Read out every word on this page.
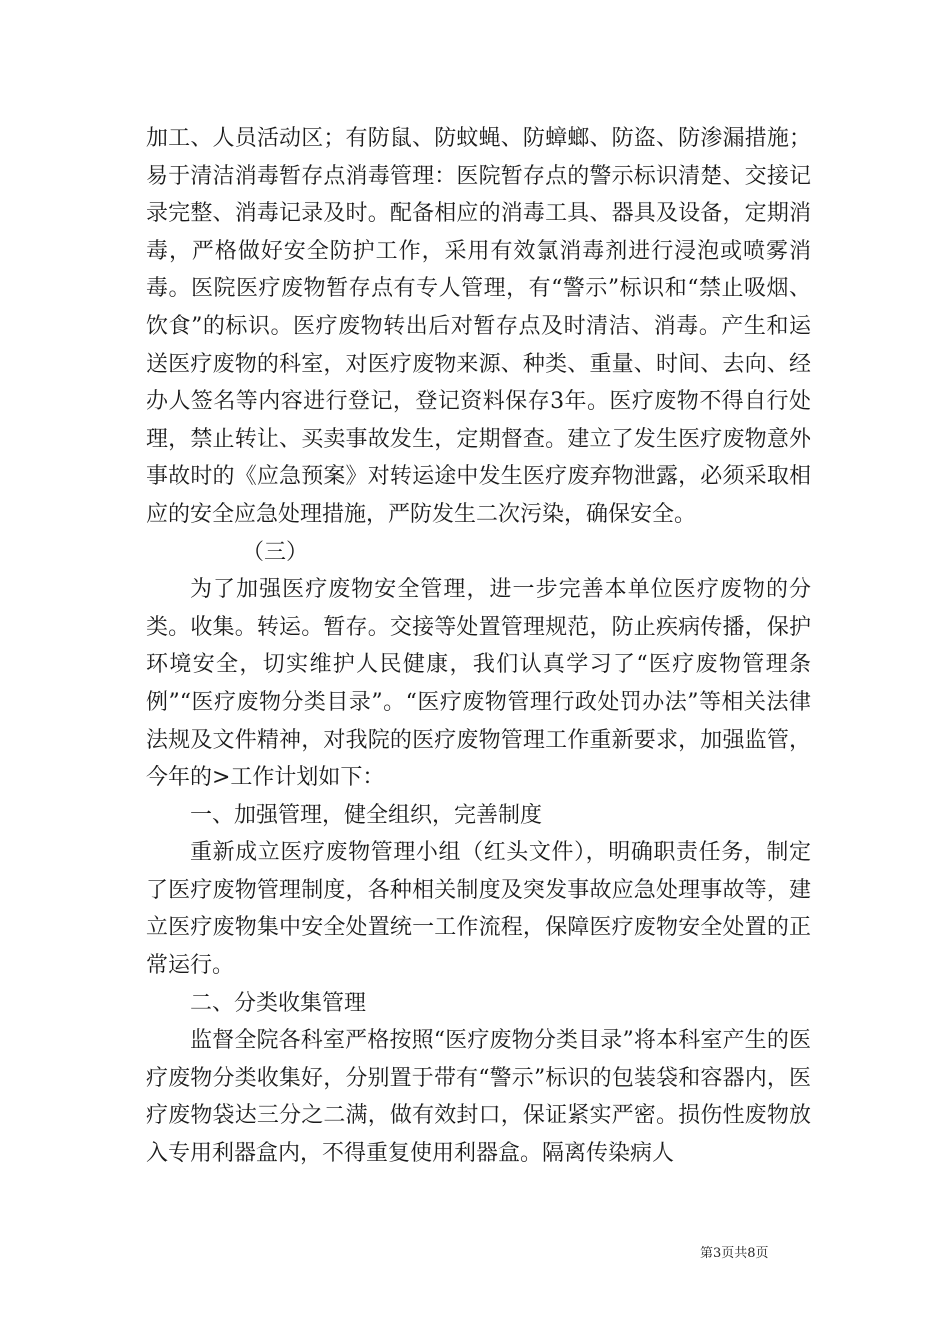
加工、人员活动区；有防鼠、防蚊蝇、防蟑螂、防盗、防渗漏措施；易于清洁消毒暂存点消毒管理：医院暂存点的警示标识清楚、交接记录完整、消毒记录及时。配备相应的消毒工具、器具及设备，定期消毒，严格做好安全防护工作，采用有效氯消毒剂进行浸泡或喷雾消毒。医院医疗废物暂存点有专人管理，有“警示”标识和“禁止吸烟、饮食”的标识。医疗废物转出后对暂存点及时清洁、消毒。产生和运送医疗废物的科室，对医疗废物来源、种类、重量、时间、去向、经办人签名等内容进行登记，登记资料保存3年。医疗废物不得自行处理，禁止转让、买卖事故发生，定期督查。建立了发生医疗废物意外事故时的《应急预案》对转运途中发生医疗废弃物泄露，必须采取相应的安全应急处理措施，严防发生二次污染，确保安全。

（三）

为了加强医疗废物安全管理，进一步完善本单位医疗废物的分类。收集。转运。暂存。交接等处置管理规范，防止疾病传播，保护环境安全，切实维护人民健康，我们认真学习了“医疗废物管理条例”“医疗废物分类目录”。“医疗废物管理行政处罚办法”等相关法律法规及文件精神，对我院的医疗废物管理工作重新要求，加强监管，今年的>工作计划如下：

一、加强管理，健全组织，完善制度

重新成立医疗废物管理小组（红头文件），明确职责任务，制定了医疗废物管理制度，各种相关制度及突发事故应急处理事故等，建立医疗废物集中安全处置统一工作流程，保障医疗废物安全处置的正常运行。

二、分类收集管理

监督全院各科室严格按照“医疗废物分类目录”将本科室产生的医疗废物分类收集好，分别置于带有“警示”标识的包装袋和容器内，医疗废物袋达三分之二满，做有效封口，保证紧实严密。损伤性废物放入专用利器盒内，不得重复使用利器盒。隔离传染病人

第3页共8页
